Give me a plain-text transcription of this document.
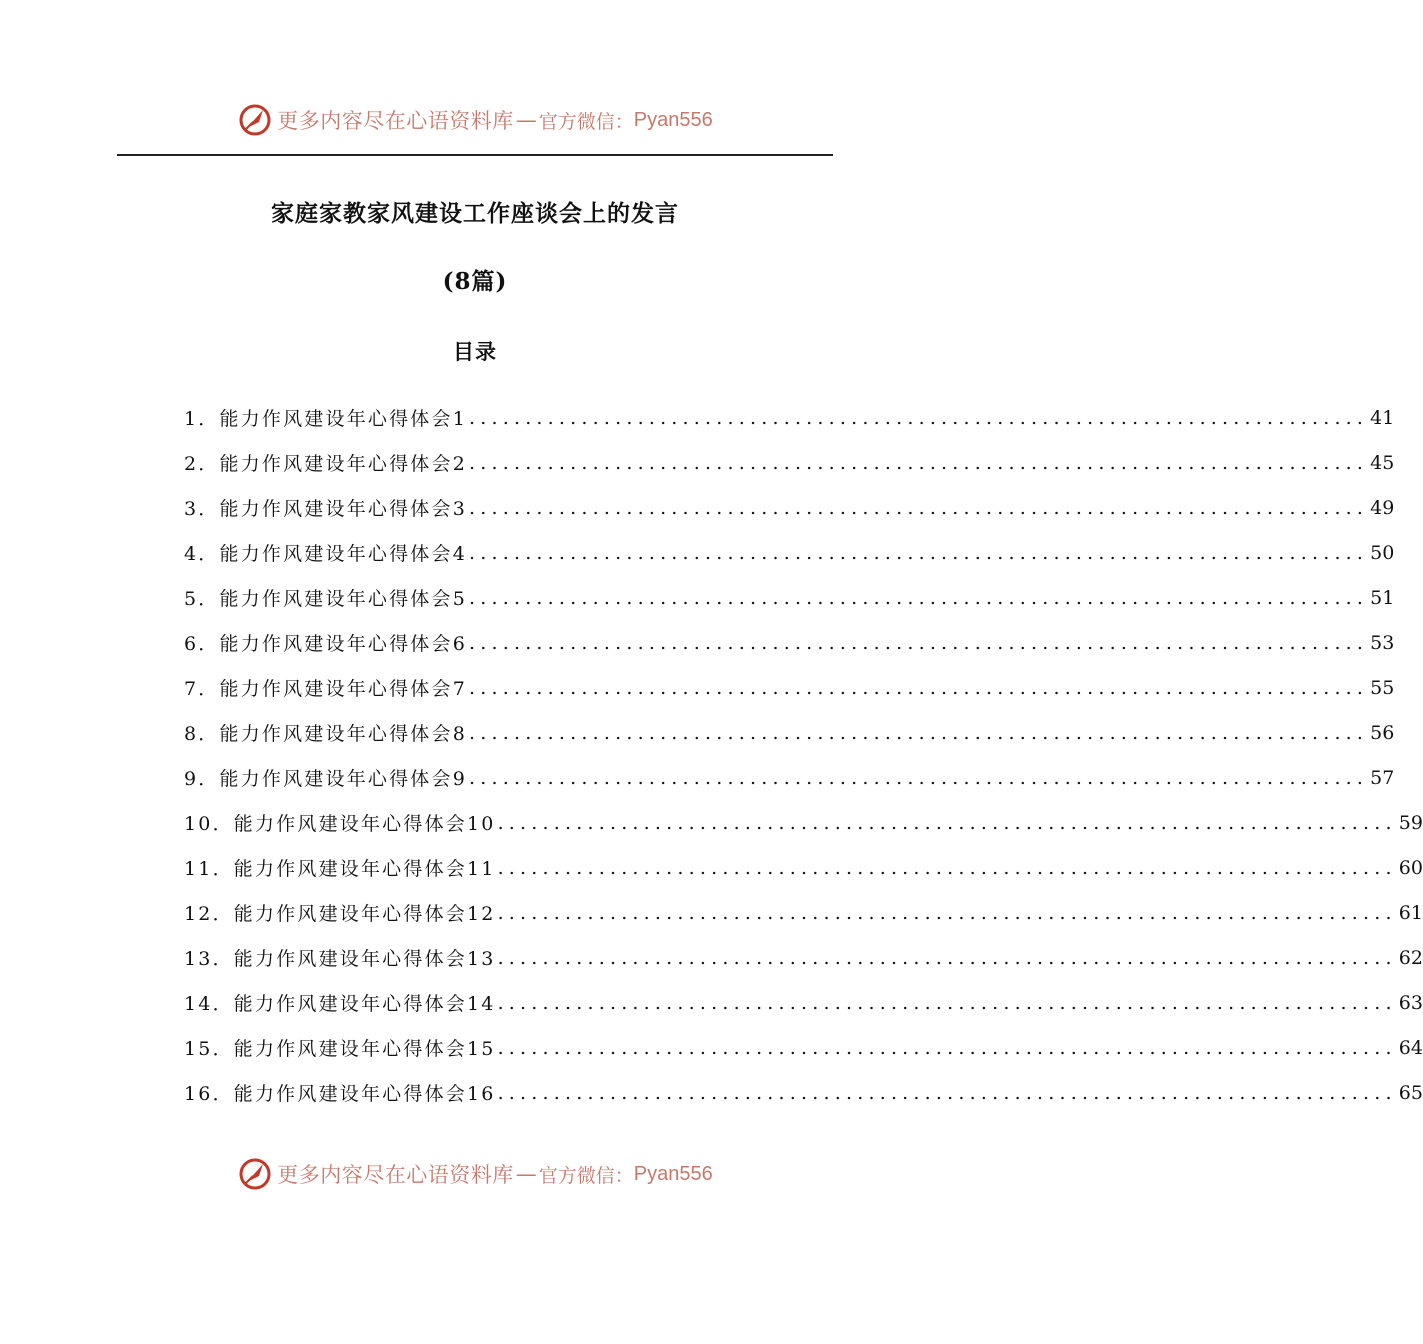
更多内容尽在心语资料库 — 官方微信： Pyan556
家庭家教家风建设工作座谈会上的发言
(8篇)
目录
1． 能力作风建设年心得体会1 ................................................................................ 41
2． 能力作风建设年心得体会2 ................................................................................ 45
3． 能力作风建设年心得体会3 ................................................................................ 49
4． 能力作风建设年心得体会4 ................................................................................ 50
5． 能力作风建设年心得体会5 ................................................................................ 51
6． 能力作风建设年心得体会6 ................................................................................ 53
7． 能力作风建设年心得体会7 ................................................................................ 55
8． 能力作风建设年心得体会8 ................................................................................ 56
9． 能力作风建设年心得体会9 ................................................................................ 57
10． 能力作风建设年心得体会10 ................................................................................ 59
11． 能力作风建设年心得体会11 ................................................................................ 60
12． 能力作风建设年心得体会12 ................................................................................ 61
13． 能力作风建设年心得体会13 ................................................................................ 62
14． 能力作风建设年心得体会14 ................................................................................ 63
15． 能力作风建设年心得体会15 ................................................................................ 64
16． 能力作风建设年心得体会16 ................................................................................ 65
更多内容尽在心语资料库 — 官方微信： Pyan556
